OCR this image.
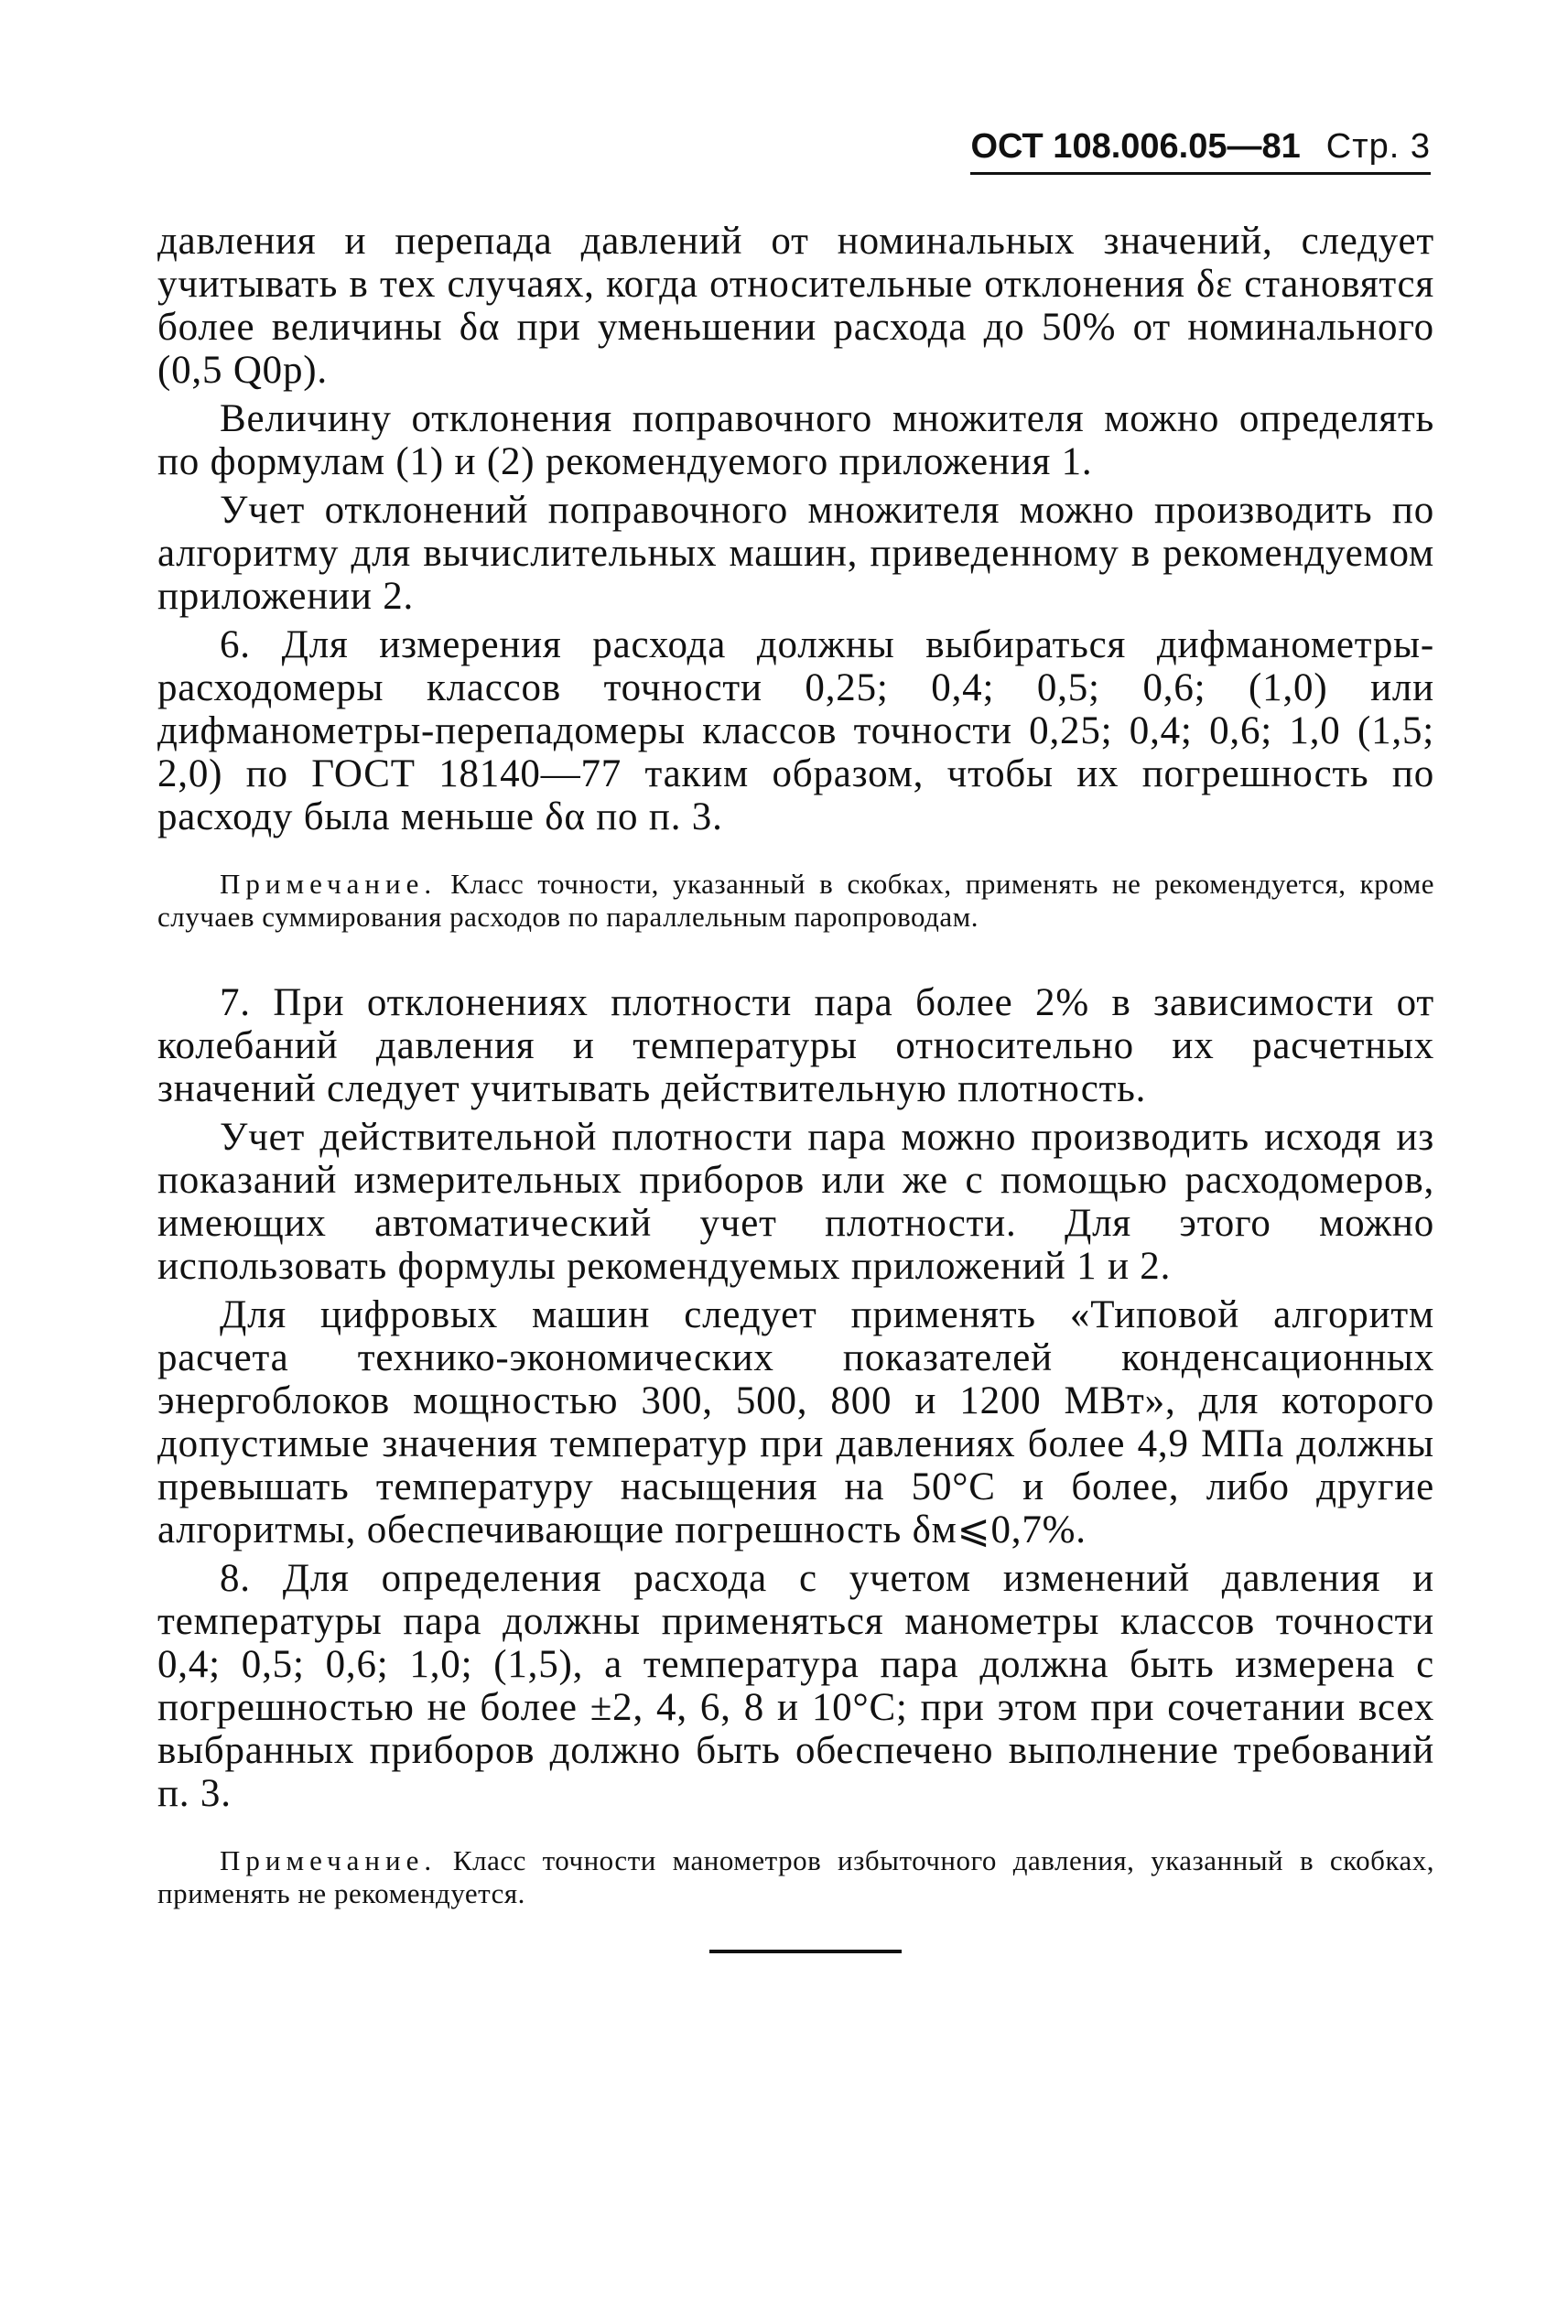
ОСТ 108.006.05—81 Стр. 3

давления и перепада давлений от номинальных значений, следует учитывать в тех случаях, когда относительные отклонения δε становятся более величины δα при уменьшении расхода до 50% от номинального (0,5 Q0р).

Величину отклонения поправочного множителя можно определять по формулам (1) и (2) рекомендуемого приложения 1.

Учет отклонений поправочного множителя можно производить по алгоритму для вычислительных машин, приведенному в рекомендуемом приложении 2.

6. Для измерения расхода должны выбираться дифманометры-расходомеры классов точности 0,25; 0,4; 0,5; 0,6; (1,0) или дифманометры-перепадомеры классов точности 0,25; 0,4; 0,6; 1,0 (1,5; 2,0) по ГОСТ 18140—77 таким образом, чтобы их погрешность по расходу была меньше δα по п. 3.

Примечание. Класс точности, указанный в скобках, применять не рекомендуется, кроме случаев суммирования расходов по параллельным паропроводам.

7. При отклонениях плотности пара более 2% в зависимости от колебаний давления и температуры относительно их расчетных значений следует учитывать действительную плотность.

Учет действительной плотности пара можно производить исходя из показаний измерительных приборов или же с помощью расходомеров, имеющих автоматический учет плотности. Для этого можно использовать формулы рекомендуемых приложений 1 и 2.

Для цифровых машин следует применять «Типовой алгоритм расчета технико-экономических показателей конденсационных энергоблоков мощностью 300, 500, 800 и 1200 МВт», для которого допустимые значения температур при давлениях более 4,9 МПа должны превышать температуру насыщения на 50°С и более, либо другие алгоритмы, обеспечивающие погрешность δм⩽0,7%.

8. Для определения расхода с учетом изменений давления и температуры пара должны применяться манометры классов точности 0,4; 0,5; 0,6; 1,0; (1,5), а температура пара должна быть измерена с погрешностью не более ±2, 4, 6, 8 и 10°С; при этом при сочетании всех выбранных приборов должно быть обеспечено выполнение требований п. 3.

Примечание. Класс точности манометров избыточного давления, указанный в скобках, применять не рекомендуется.
